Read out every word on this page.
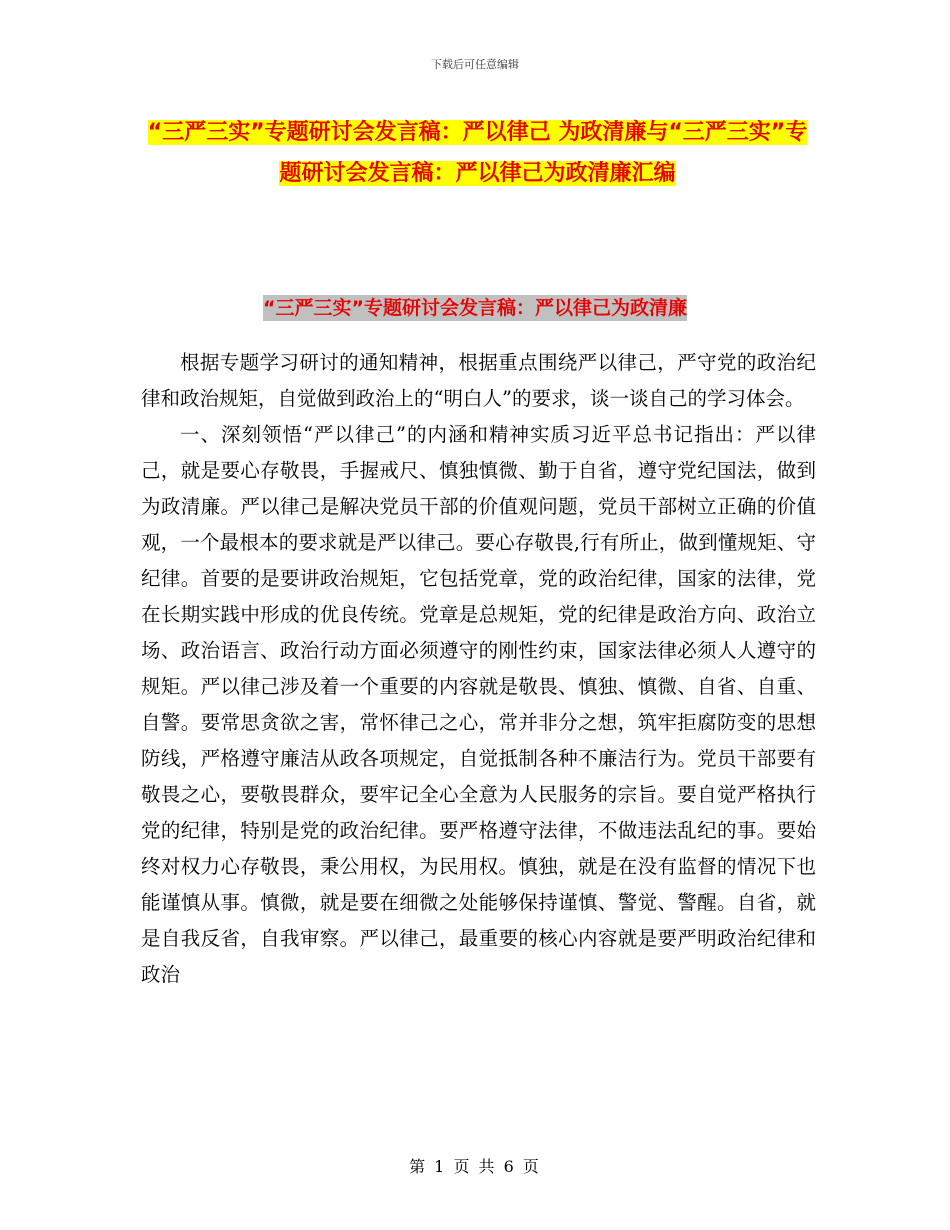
下载后可任意编辑
“三严三实”专题研讨会发言稿：严以律己 为政清廉与“三严三实”专题研讨会发言稿：严以律己为政清廉汇编
“三严三实”专题研讨会发言稿：严以律己为政清廉

根据专题学习研讨的通知精神，根据重点围绕严以律己，严守党的政治纪律和政治规矩，自觉做到政治上的“明白人”的要求，谈一谈自己的学习体会。

一、深刻领悟“严以律己”的内涵和精神实质习近平总书记指出：严以律己，就是要心存敬畏，手握戒尺、慎独慎微、勤于自省，遵守党纪国法，做到为政清廉。严以律己是解决党员干部的价值观问题，党员干部树立正确的价值观，一个最根本的要求就是严以律己。要心存敬畏,行有所止，做到懂规矩、守纪律。首要的是要讲政治规矩，它包括党章，党的政治纪律，国家的法律，党在长期实践中形成的优良传统。党章是总规矩，党的纪律是政治方向、政治立场、政治语言、政治行动方面必须遵守的刚性约束，国家法律必须人人遵守的规矩。严以律己涉及着一个重要的内容就是敬畏、慎独、慎微、自省、自重、自警。要常思贪欲之害，常怀律己之心，常并非分之想，筑牢拒腐防变的思想防线，严格遵守廉洁从政各项规定，自觉抵制各种不廉洁行为。党员干部要有敬畏之心，要敬畏群众，要牢记全心全意为人民服务的宗旨。要自觉严格执行党的纪律，特别是党的政治纪律。要严格遵守法律，不做违法乱纪的事。要始终对权力心存敬畏，秉公用权，为民用权。慎独，就是在没有监督的情况下也能谨慎从事。慎微，就是要在细微之处能够保持谨慎、警觉、警醒。自省，就是自我反省，自我审察。严以律己，最重要的核心内容就是要严明政治纪律和政治

第 1 页 共 6 页
